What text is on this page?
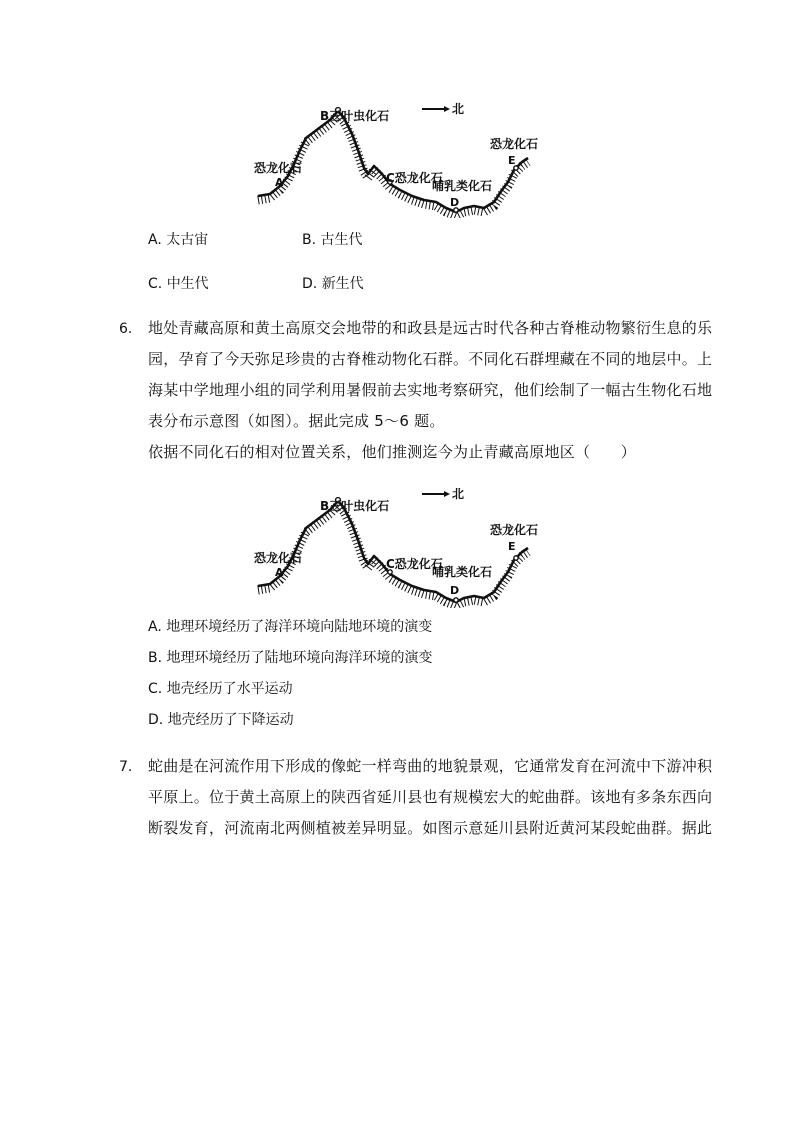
B三叶虫化石	北
恐龙化石
A	C恐龙化石
哺乳类化石
D
恐龙化石
E
A. 太古宙	B. 古生代
C. 中生代	D. 新生代
6. 地处青藏高原和黄土高原交会地带的和政县是远古时代各种古脊椎动物繁衍生息的乐
园，孕育了今天弥足珍贵的古脊椎动物化石群。不同化石群埋藏在不同的地层中。上
海某中学地理小组的同学利用暑假前去实地考察研究，他们绘制了一幅古生物化石地
表分布示意图（如图）。据此完成 5～6 题。
依据不同化石的相对位置关系，他们推测迄今为止青藏高原地区（　　）
B三叶虫化石
北
恐龙化石
A
C恐龙化石
哺乳类化石
D
恐龙化石
E
A. 地理环境经历了海洋环境向陆地环境的演变
B. 地理环境经历了陆地环境向海洋环境的演变
C. 地壳经历了水平运动
D. 地壳经历了下降运动
7. 蛇曲是在河流作用下形成的像蛇一样弯曲的地貌景观，它通常发育在河流中下游冲积
平原上。位于黄土高原上的陕西省延川县也有规模宏大的蛇曲群。该地有多条东西向
断裂发育，河流南北两侧植被差异明显。如图示意延川县附近黄河某段蛇曲群。据此
